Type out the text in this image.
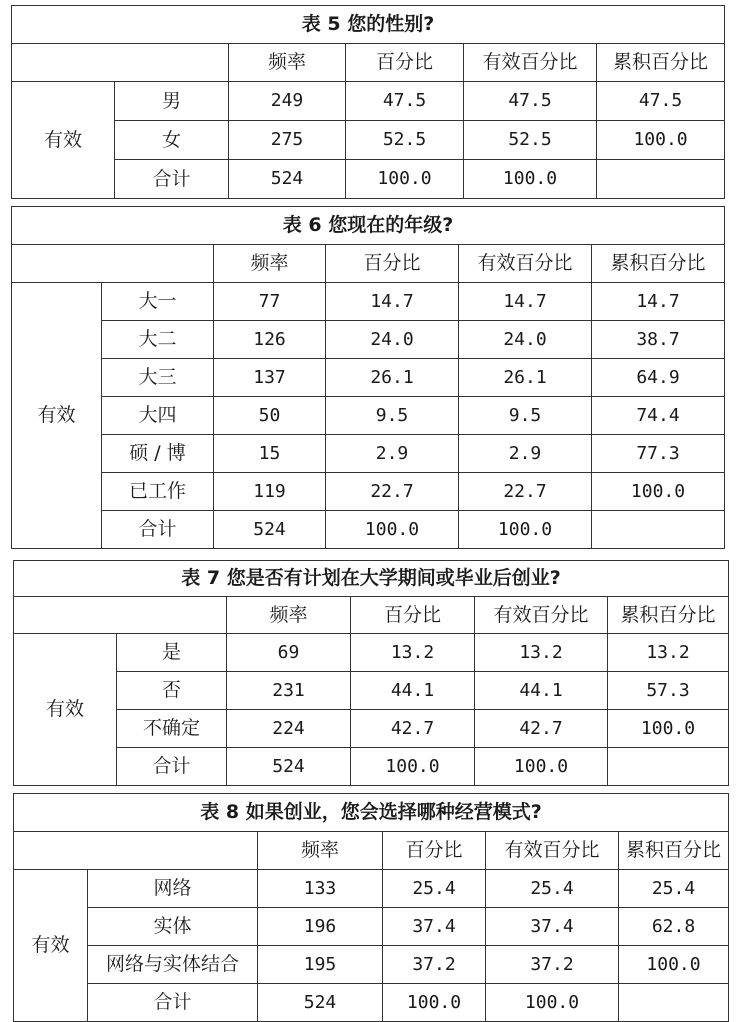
表 5 您的性别?					
		频率	百分比	有效百分比	累积百分比
有效	男	249	47.5	47.5	47.5
	女	275	52.5	52.5	100.0
	合计	524	100.0	100.0	
表 6 您现在的年级?					
		频率	百分比	有效百分比	累积百分比
有效	大一	77	14.7	14.7	14.7
	大二	126	24.0	24.0	38.7
	大三	137	26.1	26.1	64.9
	大四	50	9.5	9.5	74.4
	硕 / 博	15	2.9	2.9	77.3
	已工作	119	22.7	22.7	100.0
	合计	524	100.0	100.0	
表 7 您是否有计划在大学期间或毕业后创业?					
		频率	百分比	有效百分比	累积百分比
有效	是	69	13.2	13.2	13.2
	否	231	44.1	44.1	57.3
	不确定	224	42.7	42.7	100.0
	合计	524	100.0	100.0	
表 8 如果创业，您会选择哪种经营模式?					
		频率	百分比	有效百分比	累积百分比
有效	网络	133	25.4	25.4	25.4
	实体	196	37.4	37.4	62.8
	网络与实体结合	195	37.2	37.2	100.0
	合计	524	100.0	100.0	
